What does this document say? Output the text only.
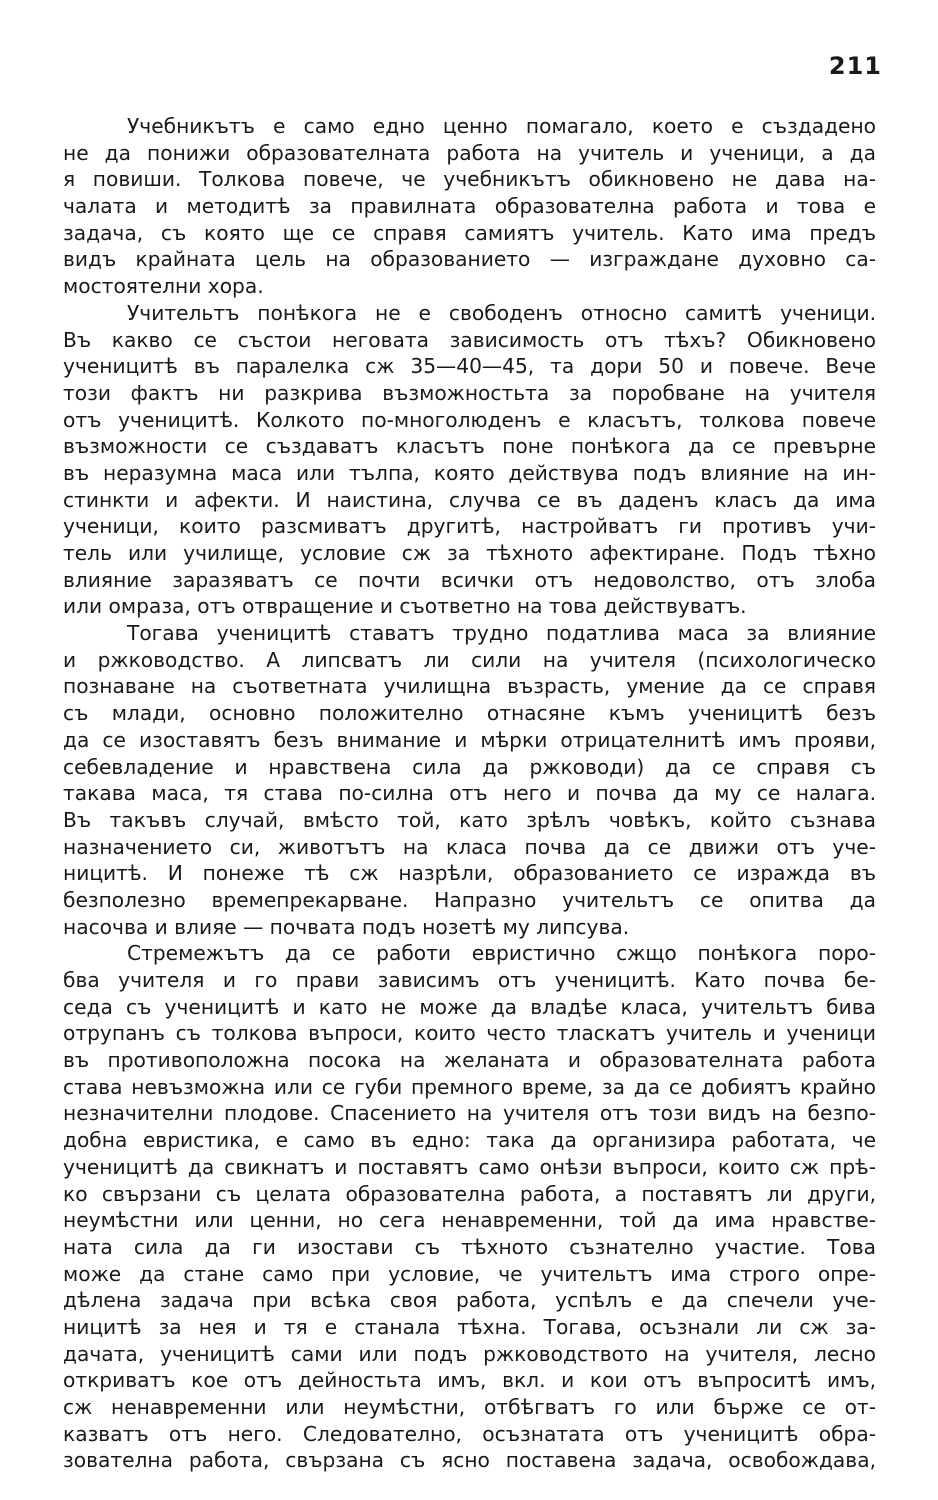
211
Учебникътъ е само едно ценно помагало, което е създадено
не да понижи образователната работа на учитель и ученици, а да
я повиши. Толкова повече, че учебникътъ обикновено не дава на-
чалата и методитѣ за правилната образователна работа и това е
задача, съ която ще се справя самиятъ учитель. Като има предъ
видъ крайната цель на образованието — изграждане духовно са-
мостоятелни хора.
Учительтъ понѣкога не е свободенъ относно самитѣ ученици.
Въ какво се състои неговата зависимость отъ тѣхъ? Обикновено
ученицитѣ въ паралелка сж 35—40—45, та дори 50 и повече. Вече
този фактъ ни разкрива възможностьта за поробване на учителя
отъ ученицитѣ. Колкото по-многолюденъ е класътъ, толкова повече
възможности се създаватъ класътъ поне понѣкога да се превърне
въ неразумна маса или тълпа, която действува подъ влияние на ин-
стинкти и афекти. И наистина, случва се въ даденъ класъ да има
ученици, които разсмиватъ другитѣ, настройватъ ги противъ учи-
тель или училище, условие сж за тѣхното афектиране. Подъ тѣхно
влияние заразяватъ се почти всички отъ недоволство, отъ злоба
или омраза, отъ отвращение и съответно на това действуватъ.
Тогава ученицитѣ ставатъ трудно податлива маса за влияние
и ржководство. А липсватъ ли сили на учителя (психологическо
познаване на съответната училищна възрасть, умение да се справя
съ млади, основно положително отнасяне къмъ ученицитѣ безъ
да се изоставятъ безъ внимание и мѣрки отрицателнитѣ имъ прояви,
себевладение и нравствена сила да ржководи) да се справя съ
такава маса, тя става по-силна отъ него и почва да му се налага.
Въ такъвъ случай, вмѣсто той, като зрѣлъ човѣкъ, който съзнава
назначението си, животътъ на класа почва да се движи отъ уче-
ницитѣ. И понеже тѣ сж назрѣли, образованието се изражда въ
безполезно времепрекарване. Напразно учительтъ се опитва да
насочва и влияе — почвата подъ нозетѣ му липсува.
Стремежътъ да се работи евристично сжщо понѣкога поро-
бва учителя и го прави зависимъ отъ ученицитѣ. Като почва бе-
седа съ ученицитѣ и като не може да владѣе класа, учительтъ бива
отрупанъ съ толкова въпроси, които често тласкатъ учитель и ученици
въ противоположна посока на желаната и образователната работа
става невъзможна или се губи премного време, за да се добиятъ крайно
незначителни плодове. Спасението на учителя отъ този видъ на безпо-
добна евристика, е само въ едно: така да организира работата, че
ученицитѣ да свикнатъ и поставятъ само онѣзи въпроси, които сж прѣ-
ко свързани съ целата образователна работа, а поставятъ ли други,
неумѣстни или ценни, но сега ненавременни, той да има нравстве-
ната сила да ги изостави съ тѣхното съзнателно участие. Това
може да стане само при условие, че учительтъ има строго опре-
дѣлена задача при всѣка своя работа, успѣлъ е да спечели уче-
ницитѣ за нея и тя е станала тѣхна. Тогава, осъзнали ли сж за-
дачата, ученицитѣ сами или подъ ржководството на учителя, лесно
откриватъ кое отъ дейностьта имъ, вкл. и кои отъ въпроситѣ имъ,
сж ненавременни или неумѣстни, отбѣгватъ го или бърже се от-
казватъ отъ него. Следователно, осъзнатата отъ ученицитѣ обра-
зователна работа, свързана съ ясно поставена задача, освобождава,
